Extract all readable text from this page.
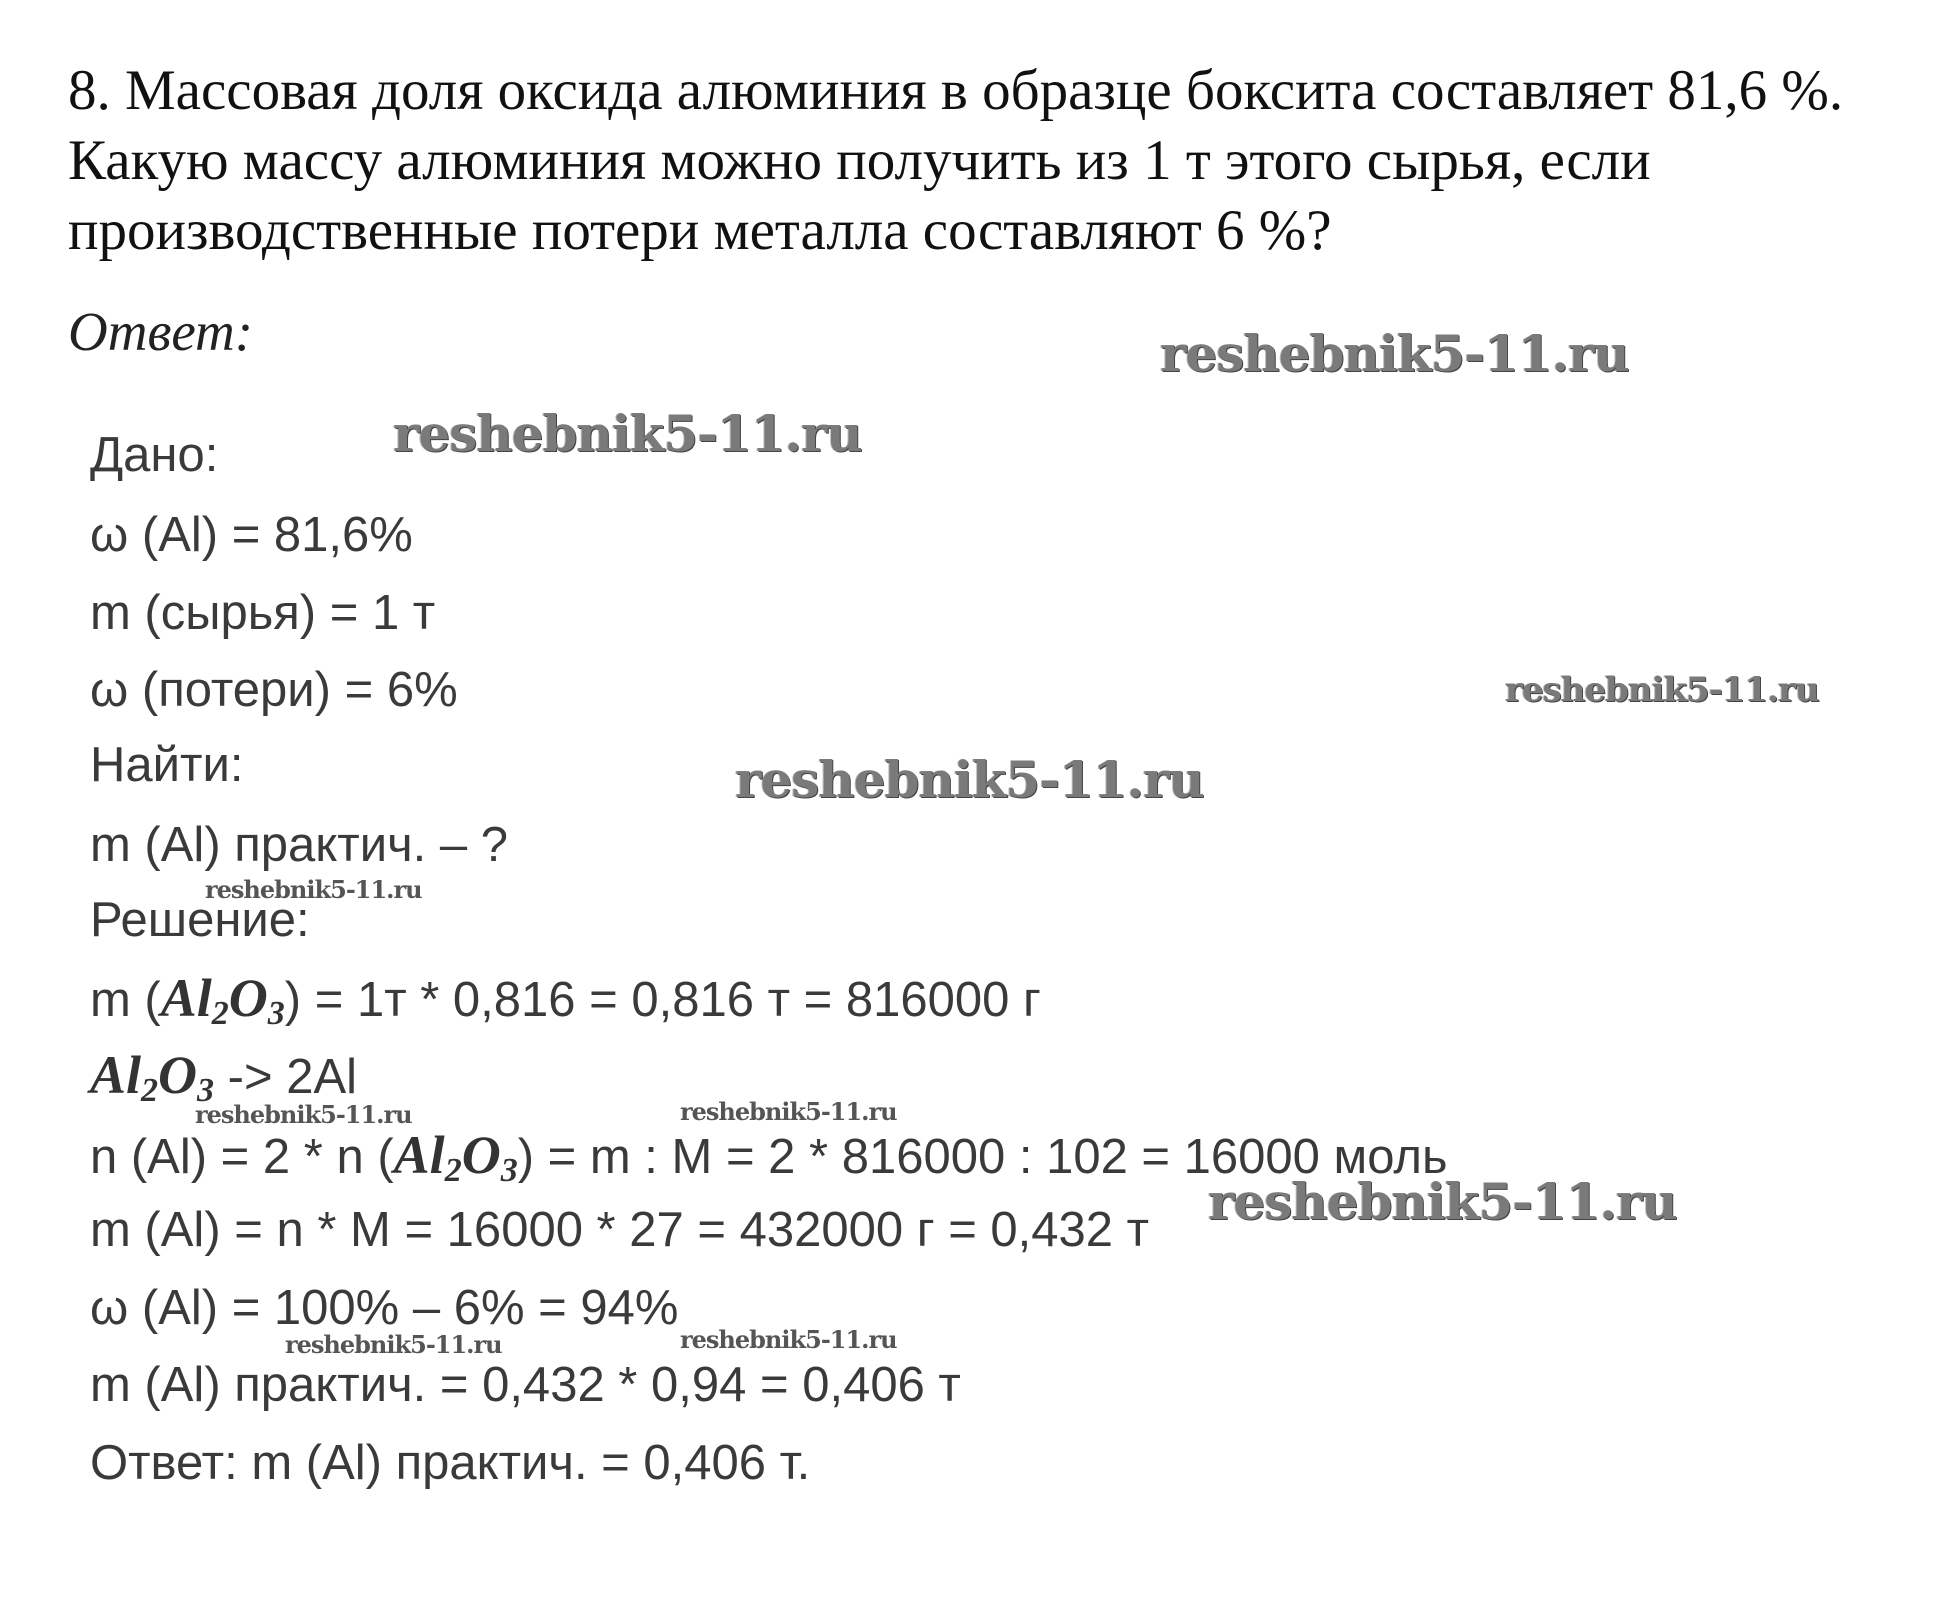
8. Массовая доля оксида алюминия в образце боксита составляет 81,6 %.

Какую массу алюминия можно получить из 1 т этого сырья, если

производственные потери металла составляют 6 %?

Ответ:
Дано:
ω (Al) = 81,6%
m (сырья) = 1 т
ω (потери) = 6%
Найти:
m (Al) практич. – ?
Решение:
m $(Al_2O_3) = 1т * 0,816 = 0,816$ т = 816000 г
$Al_2O_3 -> 2Al$
n (Al) = 2 * n $(Al_2O_3) = m$ : M = 2 * 816000 : 102 = 16000 моль
m (Al) = n * M = 16000 * 27 = 432000 г = 0,432 т
ω (Al) = 100% – 6% = 94%
m (Al) практич. = 0,432 * 0,94 = 0,406 т
Ответ: m (Al) практич. = 0,406 т.
reshebnik5-11.ru
reshebnik5-11.ru
reshebnik5-11.ru
reshebnik5-11.ru
reshebnik5-11.ru
reshebnik5-11.ru	reshebnik5-11.ru
reshebnik5-11.ru
reshebnik5-11.ru	reshebnik5-11.ru
